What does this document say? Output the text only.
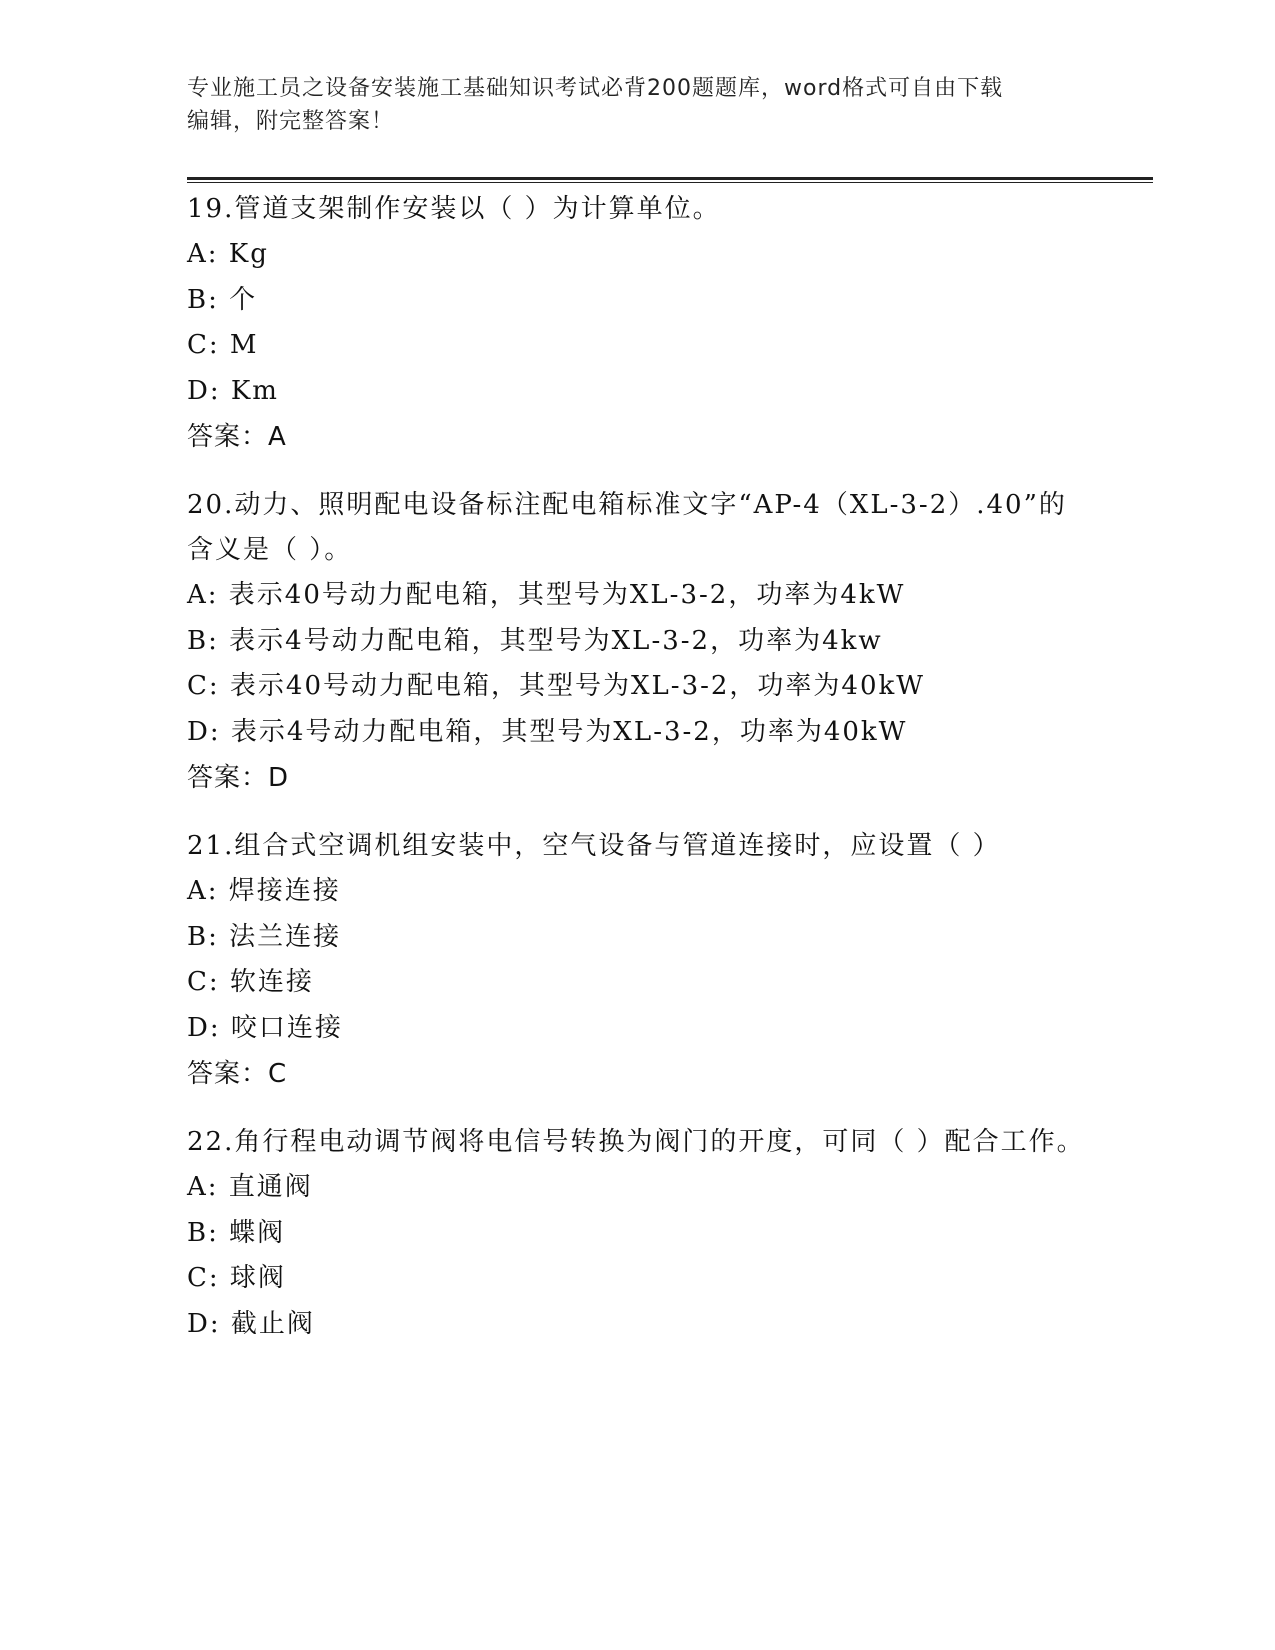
专业施工员之设备安装施工基础知识考试必背200题题库，word格式可自由下载
编辑，附完整答案！

19.管道支架制作安装以（ ）为计算单位。

A: Kg

B: 个

C: M

D: Km

答案：A

20.动力、照明配电设备标注配电箱标准文字“AP-4（XL-3-2）.40”的含义是（ ）。

A: 表示40号动力配电箱，其型号为XL-3-2，功率为4kW

B: 表示4号动力配电箱，其型号为XL-3-2，功率为4kw

C: 表示40号动力配电箱，其型号为XL-3-2，功率为40kW

D: 表示4号动力配电箱，其型号为XL-3-2，功率为40kW

答案：D

21.组合式空调机组安装中，空气设备与管道连接时，应设置（ ）

A: 焊接连接

B: 法兰连接

C: 软连接

D: 咬口连接

答案：C

22.角行程电动调节阀将电信号转换为阀门的开度，可同（ ）配合工作。

A: 直通阀

B: 蝶阀

C: 球阀

D: 截止阀
